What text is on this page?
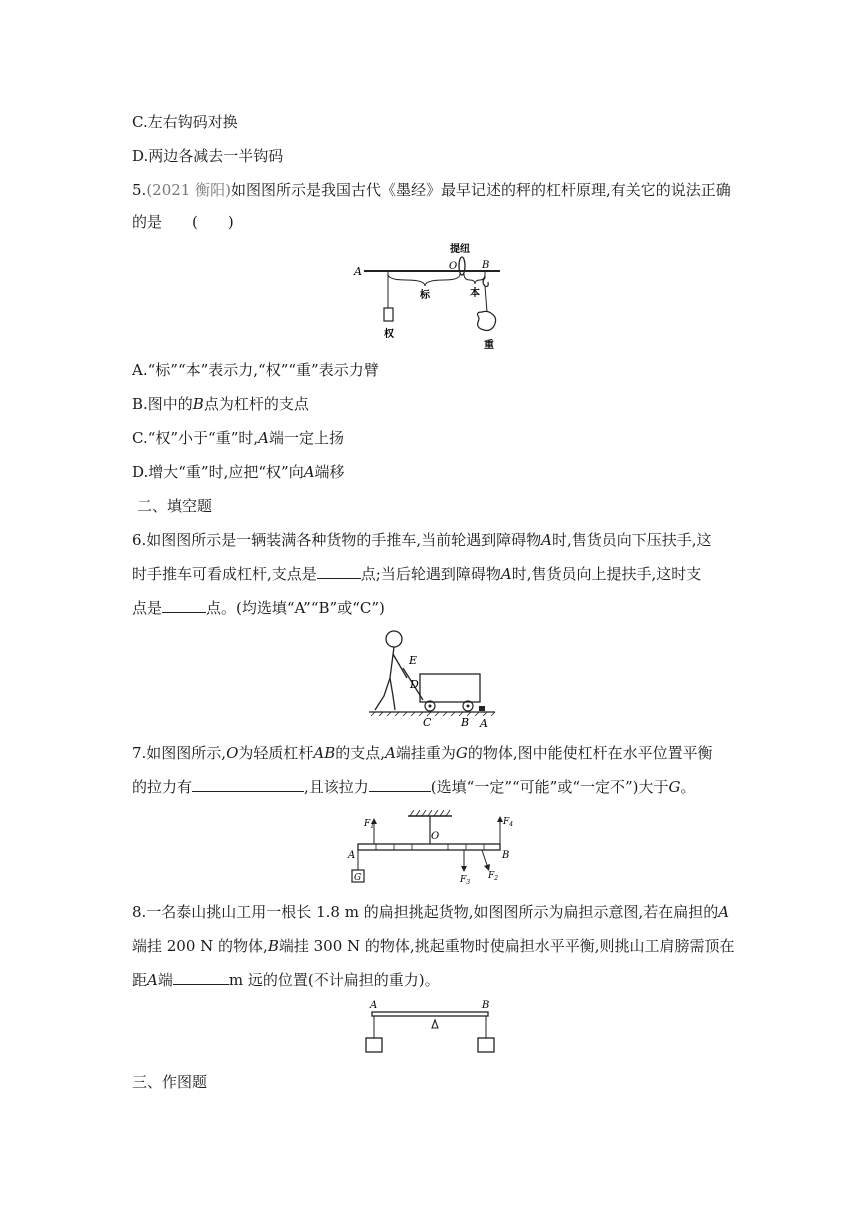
C.左右钩码对换
D.两边各减去一半钩码
5.(2021 衡阳)如图图所示是我国古代《墨经》最早记述的秤的杠杆原理,有关它的说法正确
的是　　(　　)
A
提纽
O B
标	本
权
重
A.“标”“本”表示力,“权”“重”表示力臂
B.图中的B点为杠杆的支点
C.“权”小于“重”时,A端一定上扬
D.增大“重”时,应把“权”向A端移
二、填空题
6.如图图所示是一辆装满各种货物的手推车,当前轮遇到障碍物A时,售货员向下压扶手,这
时手推车可看成杠杆,支点是	点;当后轮遇到障碍物A时,售货员向上提扶手,这时支
点是	点。(均选填“A”“B”或“C”)
E
D
C	B A
7.如图图所示,O为轻质杠杆AB的支点,A端挂重为G的物体,图中能使杠杆在水平位置平衡
的拉力有	,且该拉力	(选填“一定”“可能”或“一定不”)大于G。
O
A	B
G
$F_1$	$F_4$
$F_3$
$F_2$
8.一名泰山挑山工用一根长 1.8 m 的扁担挑起货物,如图图所示为扁担示意图,若在扁担的A
端挂 200 N 的物体,B端挂 300 N 的物体,挑起重物时使扁担水平平衡,则挑山工肩膀需顶在
距A端	m 远的位置(不计扁担的重力)。
A	B
三、作图题
